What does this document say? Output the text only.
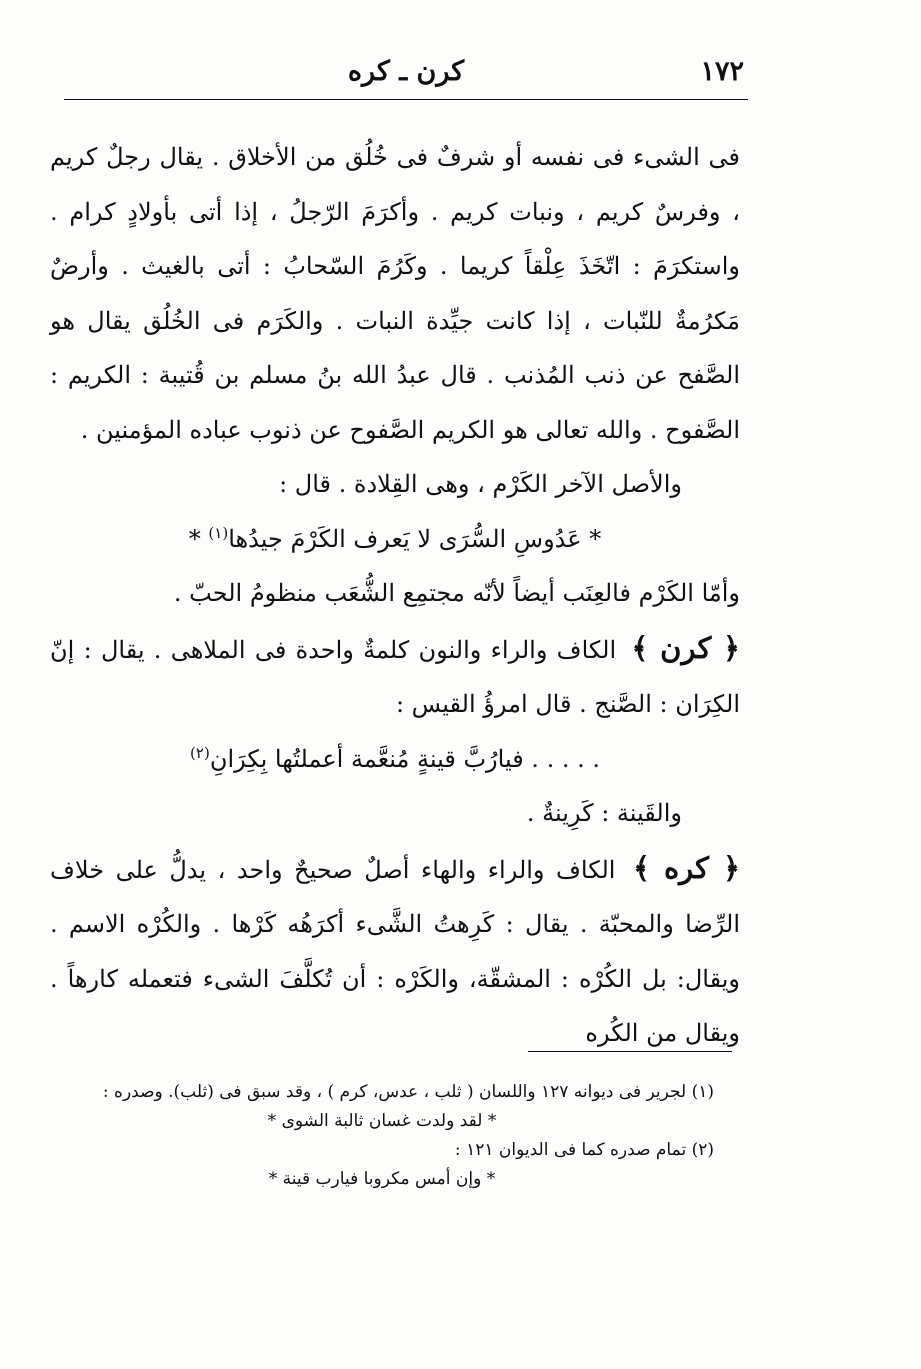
١٧٢
كرن ـ كره

فى الشىء فى نفسه أو شرفٌ فى خُلُق من الأخلاق . يقال رجلٌ كريم ، وفرسٌ كريم ، ونبات كريم . وأكرَمَ الرّجلُ ، إذا أتى بأولادٍ كرام . واستكرَمَ : اتّخَذَ عِلْقاً كريما . وكَرُمَ السّحابُ : أتى بالغيث . وأرضٌ مَكرُمةٌ للنّبات ، إذا كانت جيِّدة النبات . والكَرَم فى الخُلُق يقال هو الصَّفح عن ذنب المُذنب . قال عبدُ الله بنُ مسلم بن قُتيبة : الكريم : الصَّفوح . والله تعالى هو الكريم الصَّفوح عن ذنوب عباده المؤمنين .

والأصل الآخر الكَرْم ، وهى القِلادة . قال :

* عَدُوسِ السُّرَى لا يَعرف الكَرْمَ جيدُها$^{(١)}$ *

وأمّا الكَرْم فالعِنَب أيضاً لأنّه مجتمِع الشُّعَب منظومُ الحبّ .

﴿ كرن ﴾ الكاف والراء والنون كلمةٌ واحدة فى الملاهى . يقال : إنّ الكِرَان : الصَّنج . قال امرؤُ القيس :

. . . . . فيارُبَّ قينةٍ مُنعَّمة أعملتُها بِكِرَانِ$^{(٢)}$

والقَينة : كَرِينةٌ .

﴿ كره ﴾ الكاف والراء والهاء أصلٌ صحيحٌ واحد ، يدلُّ على خلاف الرِّضا والمحبّة . يقال : كَرِهتُ الشَّىء أكرَهُه كَرْها . والكُرْه الاسم . ويقال: بل الكُرْه : المشقّة، والكَرْه : أن تُكلَّفَ الشىء فتعمله كارهاً . ويقال من الكُره

(١) لجرير فى ديوانه ١٢٧ واللسان ( ثلب ، عدس، كرم ) ، وقد سبق فى (ثلب). وصدره :

* لقد ولدت غسان ثالبة الشوى *

(٢) تمام صدره كما فى الديوان ١٢١ :

* وإن أمس مكروبا فيارب قينة *
